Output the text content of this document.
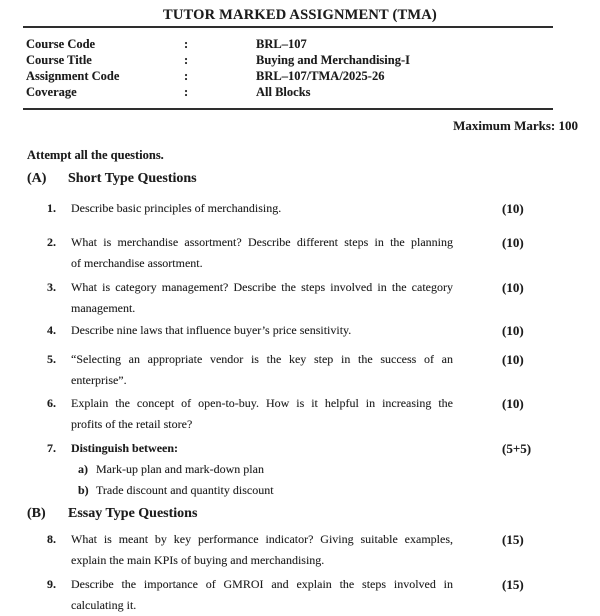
TUTOR MARKED ASSIGNMENT (TMA)
Course Code	:	BRL–107
Course Title	:	Buying and Merchandising-I
Assignment Code	:	BRL–107/TMA/2025-26
Coverage	:	All Blocks
Maximum Marks: 100
Attempt all the questions.
(A)	Short Type Questions
1.	Describe basic principles of merchandising.	(10)
2.	What is merchandise assortment? Describe different steps in the planning
of merchandise assortment.
(10)
3.	What is category management? Describe the steps involved in the category
management.
(10)
4.	Describe nine laws that influence buyer’s price sensitivity.	(10)
5.	“Selecting an appropriate vendor is the key step in the success of an
enterprise”.
(10)
6.	Explain the concept of open-to-buy. How is it helpful in increasing the
profits of the retail store?
(10)
7.	Distinguish between:	(5+5)
a) Mark-up plan and mark-down plan
b) Trade discount and quantity discount
(B)	Essay Type Questions
8.	What is meant by key performance indicator? Giving suitable examples,
explain the main KPIs of buying and merchandising.
(15)
9.	Describe the importance of GMROI and explain the steps involved in
calculating it.
(15)
